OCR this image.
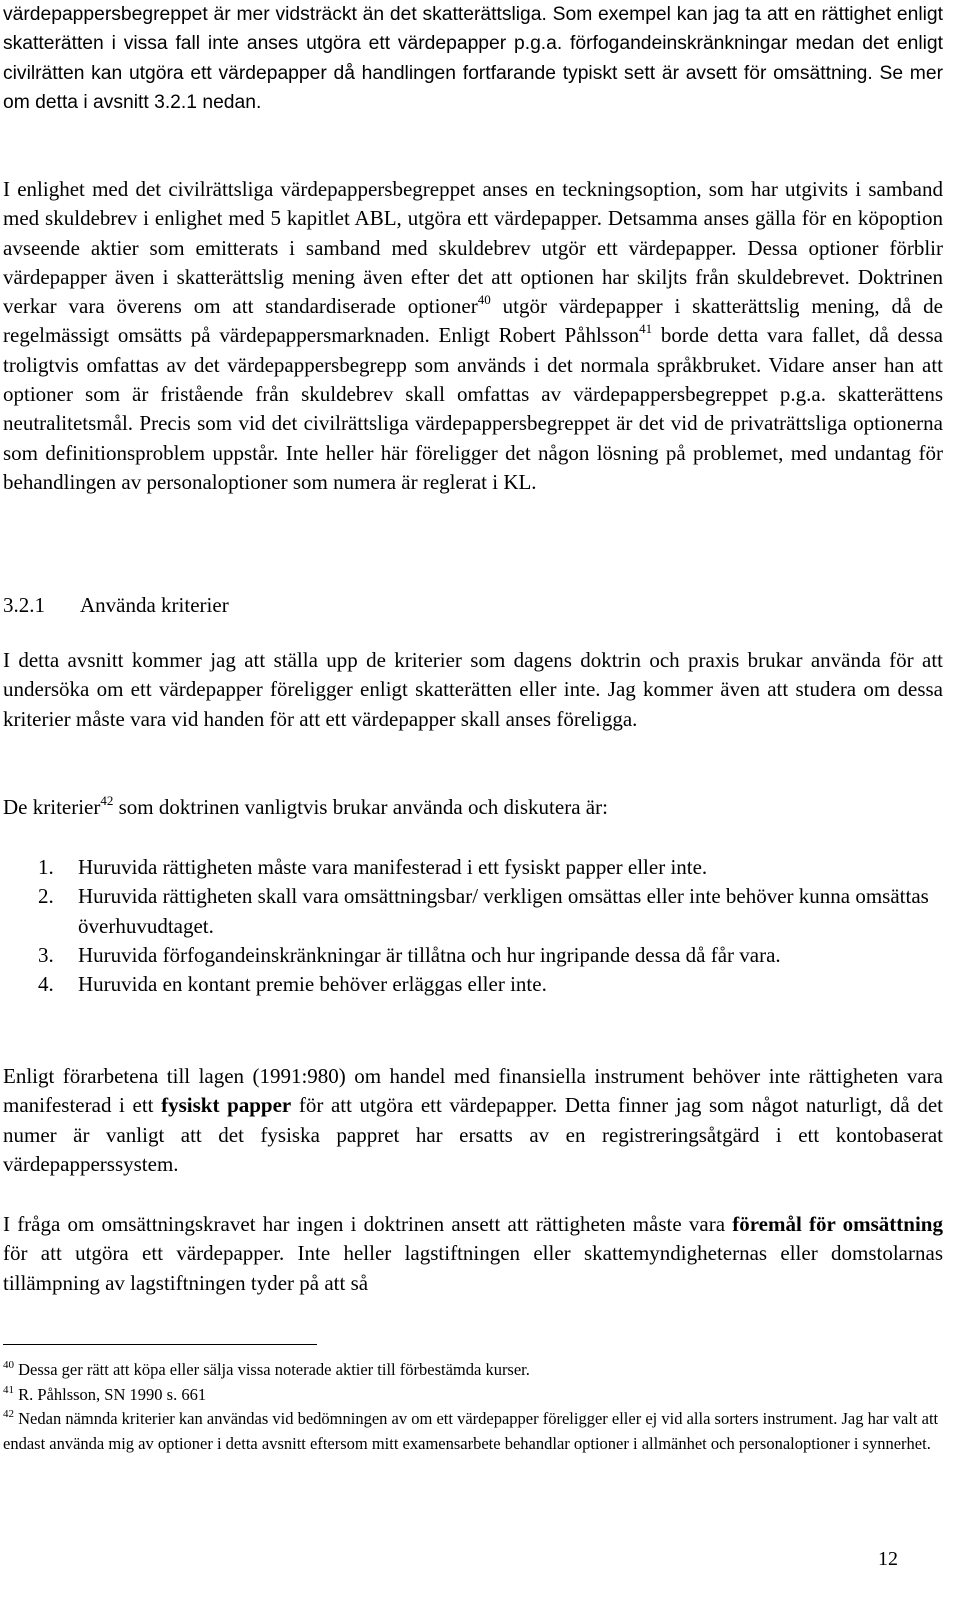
värdepappersbegreppet är mer vidsträckt än det skatterättsliga. Som exempel kan jag ta att en rättighet enligt skatterätten i vissa fall inte anses utgöra ett värdepapper p.g.a. förfogandeinskränkningar medan det enligt civilrätten kan utgöra ett värdepapper då handlingen fortfarande typiskt sett är avsett för omsättning. Se mer om detta i avsnitt 3.2.1 nedan.

I enlighet med det civilrättsliga värdepappersbegreppet anses en teckningsoption, som har utgivits i samband med skuldebrev i enlighet med 5 kapitlet ABL, utgöra ett värdepapper. Detsamma anses gälla för en köpoption avseende aktier som emitterats i samband med skuldebrev utgör ett värdepapper. Dessa optioner förblir värdepapper även i skatterättslig mening även efter det att optionen har skiljts från skuldebrevet. Doktrinen verkar vara överens om att standardiserade optioner$^{40}$ utgör värdepapper i skatterättslig mening, då de regelmässigt omsätts på värdepappersmarknaden. Enligt Robert Påhlsson$^{41}$ borde detta vara fallet, då dessa troligtvis omfattas av det värdepappersbegrepp som används i det normala språkbruket. Vidare anser han att optioner som är fristående från skuldebrev skall omfattas av värdepappersbegreppet p.g.a. skatterättens neutralitetsmål. Precis som vid det civilrättsliga värdepappersbegreppet är det vid de privaträttsliga optionerna som definitionsproblem uppstår. Inte heller här föreligger det någon lösning på problemet, med undantag för behandlingen av personaloptioner som numera är reglerat i KL.

3.2.1 Använda kriterier

I detta avsnitt kommer jag att ställa upp de kriterier som dagens doktrin och praxis brukar använda för att undersöka om ett värdepapper föreligger enligt skatterätten eller inte. Jag kommer även att studera om dessa kriterier måste vara vid handen för att ett värdepapper skall anses föreligga.

De kriterier$^{42}$ som doktrinen vanligtvis brukar använda och diskutera är:

1. Huruvida rättigheten måste vara manifesterad i ett fysiskt papper eller inte.
2. Huruvida rättigheten skall vara omsättningsbar/ verkligen omsättas eller inte behöver kunna omsättas överhuvudtaget.
3. Huruvida förfogandeinskränkningar är tillåtna och hur ingripande dessa då får vara.
4. Huruvida en kontant premie behöver erläggas eller inte.

Enligt förarbetena till lagen (1991:980) om handel med finansiella instrument behöver inte rättigheten vara manifesterad i ett fysiskt papper för att utgöra ett värdepapper. Detta finner jag som något naturligt, då det numer är vanligt att det fysiska pappret har ersatts av en registreringsåtgärd i ett kontobaserat värdepapperssystem.

I fråga om omsättningskravet har ingen i doktrinen ansett att rättigheten måste vara föremål för omsättning för att utgöra ett värdepapper. Inte heller lagstiftningen eller skattemyndigheternas eller domstolarnas tillämpning av lagstiftningen tyder på att så

$^{40}$ Dessa ger rätt att köpa eller sälja vissa noterade aktier till förbestämda kurser.

$^{41}$ R. Påhlsson, SN 1990 s. 661

$^{42}$ Nedan nämnda kriterier kan användas vid bedömningen av om ett värdepapper föreligger eller ej vid alla sorters instrument. Jag har valt att endast använda mig av optioner i detta avsnitt eftersom mitt examensarbete behandlar optioner i allmänhet och personaloptioner i synnerhet.

12
